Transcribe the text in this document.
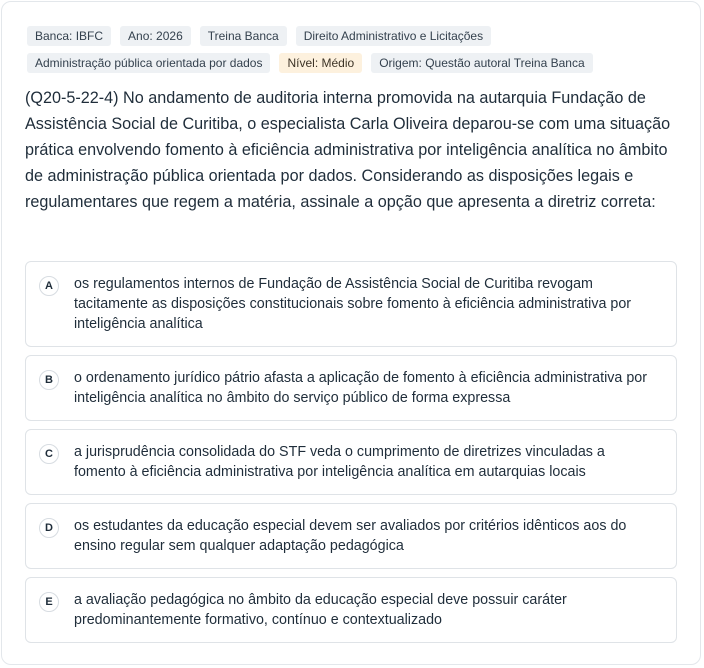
Banca: IBFC	Ano: 2026	Treina Banca	Direito Administrativo e Licitações
Administração pública orientada por dados	Nível: Médio	Origem: Questão autoral Treina Banca
(Q20-5-22-4) No andamento de auditoria interna promovida na autarquia Fundação de Assistência Social de Curitiba, o especialista Carla Oliveira deparou-se com uma situação prática envolvendo fomento à eficiência administrativa por inteligência analítica no âmbito de administração pública orientada por dados. Considerando as disposições legais e regulamentares que regem a matéria, assinale a opção que apresenta a diretriz correta:
A	os regulamentos internos de Fundação de Assistência Social de Curitiba revogam tacitamente as disposições constitucionais sobre fomento à eficiência administrativa por inteligência analítica
B	o ordenamento jurídico pátrio afasta a aplicação de fomento à eficiência administrativa por inteligência analítica no âmbito do serviço público de forma expressa
C	a jurisprudência consolidada do STF veda o cumprimento de diretrizes vinculadas a fomento à eficiência administrativa por inteligência analítica em autarquias locais
D	os estudantes da educação especial devem ser avaliados por critérios idênticos aos do ensino regular sem qualquer adaptação pedagógica
E	a avaliação pedagógica no âmbito da educação especial deve possuir caráter predominantemente formativo, contínuo e contextualizado
